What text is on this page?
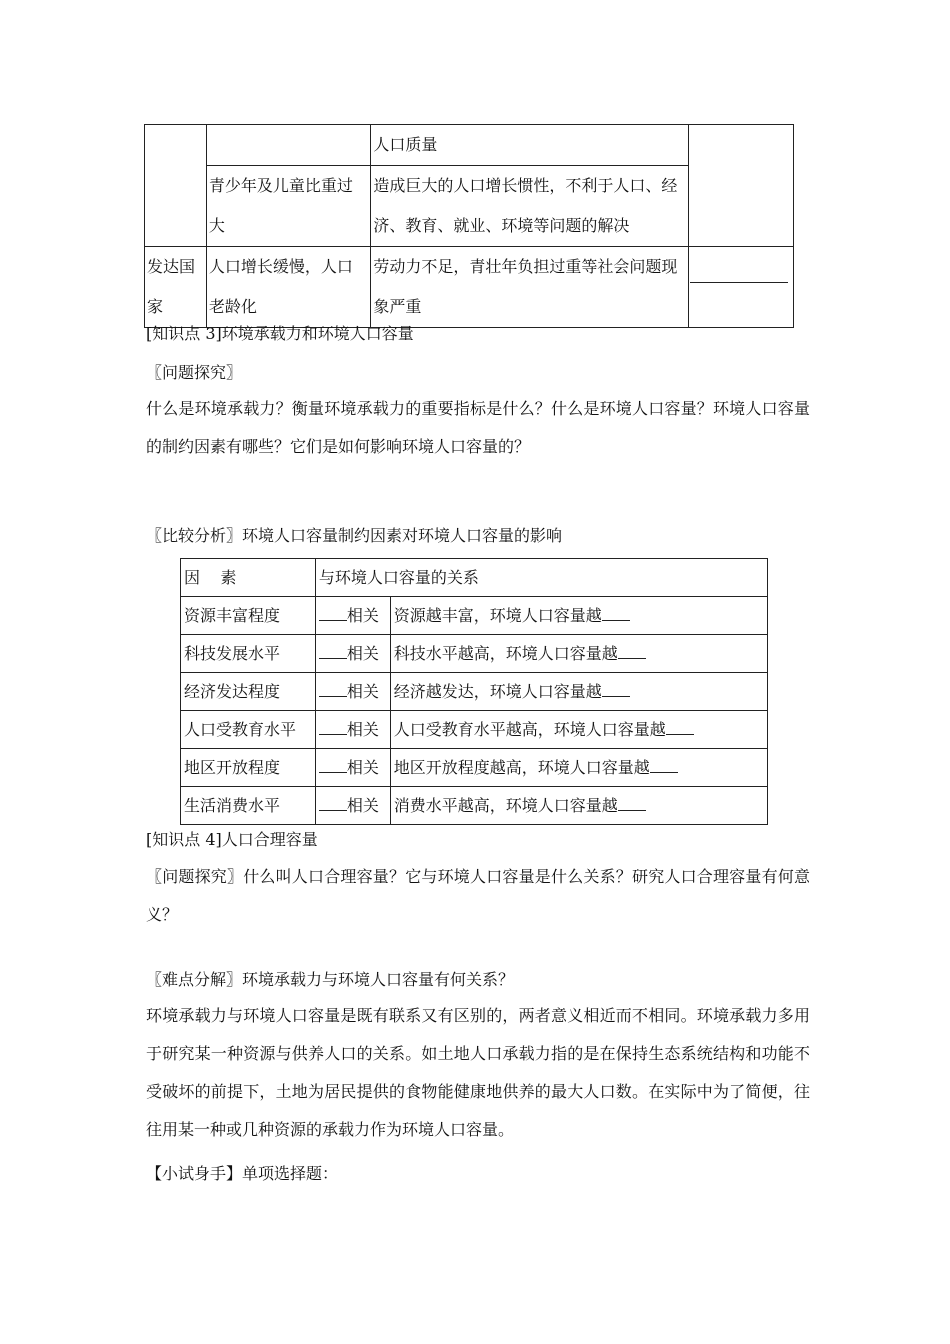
		人口质量	
	青少年及儿童比重过大	造成巨大的人口增长惯性，不利于人口、经济、教育、就业、环境等问题的解决	
发达国家	人口增长缓慢，人口老龄化	劳动力不足，青壮年负担过重等社会问题现象严重	
[知识点 3]环境承载力和环境人口容量
〖问题探究〗
什么是环境承载力？衡量环境承载力的重要指标是什么？什么是环境人口容量？环境人口容量的制约因素有哪些？它们是如何影响环境人口容量的？
〖比较分析〗环境人口容量制约因素对环境人口容量的影响
因    素	与环境人口容量的关系	
资源丰富程度	相关	资源越丰富，环境人口容量越
科技发展水平	相关	科技水平越高，环境人口容量越
经济发达程度	相关	经济越发达，环境人口容量越
人口受教育水平	相关	人口受教育水平越高，环境人口容量越
地区开放程度	相关	地区开放程度越高，环境人口容量越
生活消费水平	相关	消费水平越高，环境人口容量越
[知识点 4]人口合理容量
〖问题探究〗什么叫人口合理容量？它与环境人口容量是什么关系？研究人口合理容量有何意义？
〖难点分解〗环境承载力与环境人口容量有何关系？
环境承载力与环境人口容量是既有联系又有区别的，两者意义相近而不相同。环境承载力多用于研究某一种资源与供养人口的关系。如土地人口承载力指的是在保持生态系统结构和功能不受破坏的前提下，土地为居民提供的食物能健康地供养的最大人口数。在实际中为了简便，往往用某一种或几种资源的承载力作为环境人口容量。
【小试身手】单项选择题：
